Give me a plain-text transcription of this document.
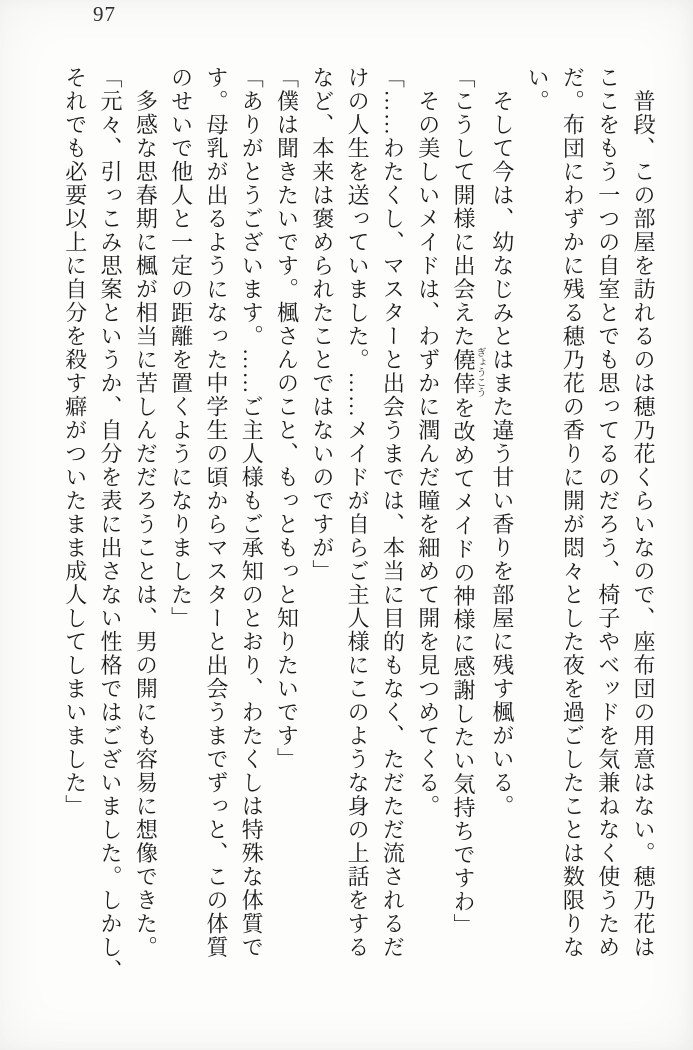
97
　普段、この部屋を訪れるのは穂乃花くらいなので、座布団の用意はない。穂乃花は
ここをもう一つの自室とでも思ってるのだろう、椅子やベッドを気兼ねなく使うため
だ。布団にわずかに残る穂乃花の香りに開が悶々とした夜を過ごしたことは数限りな
い。
　そして今は、幼なじみとはまた違う甘い香りを部屋に残す楓がいる。
「こうして開様に出会えた僥倖ぎょうこうを改めてメイドの神様に感謝したい気持ちですわ」
　その美しいメイドは、わずかに潤んだ瞳を細めて開を見つめてくる。
「……わたくし、マスターと出会うまでは、本当に目的もなく、ただただ流されるだ
けの人生を送っていました。……メイドが自らご主人様にこのような身の上話をする
など、本来は褒められたことではないのですが」
「僕は聞きたいです。楓さんのこと、もっともっと知りたいです」
「ありがとうございます。……ご主人様もご承知のとおり、わたくしは特殊な体質で
す。母乳が出るようになった中学生の頃からマスターと出会うまでずっと、この体質
のせいで他人と一定の距離を置くようになりました」
　多感な思春期に楓が相当に苦しんだだろうことは、男の開にも容易に想像できた。
「元々、引っこみ思案というか、自分を表に出さない性格ではございました。しかし、
それでも必要以上に自分を殺す癖がついたまま成人してしまいました」
